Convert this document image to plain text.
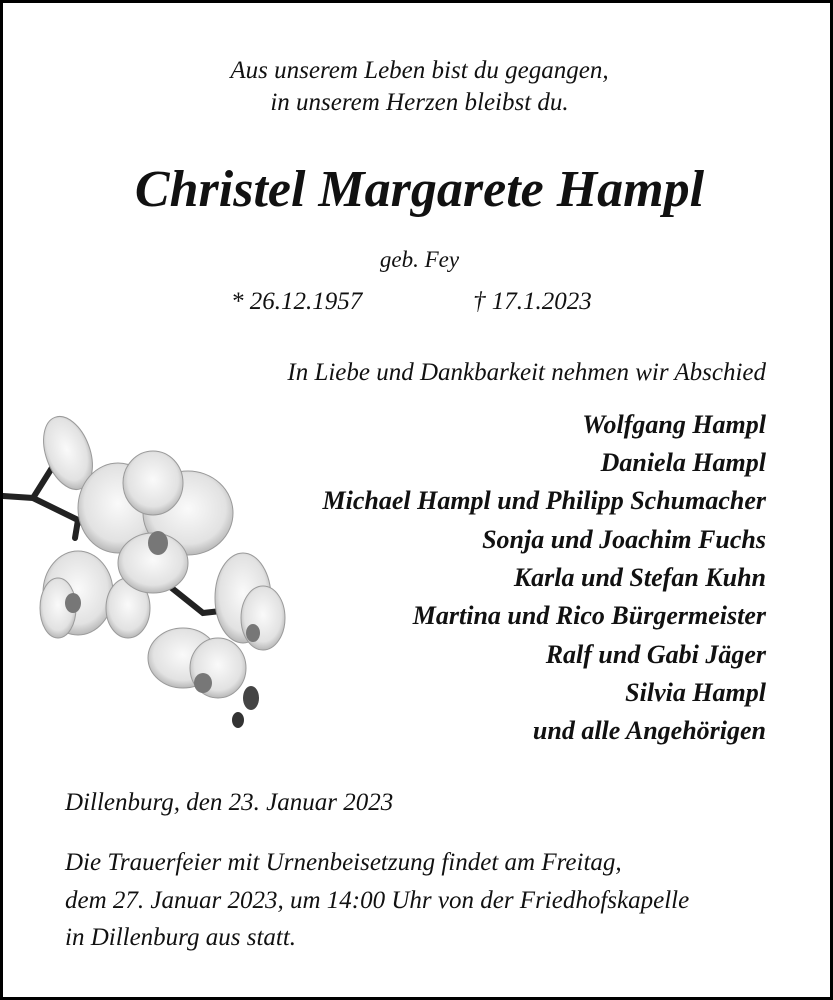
Aus unserem Leben bist du gegangen,
in unserem Herzen bleibst du.
Christel Margarete Hampl
geb. Fey
* 26.12.1957	† 17.1.2023
In Liebe und Dankbarkeit nehmen wir Abschied
Wolfgang Hampl
Daniela Hampl
Michael Hampl und Philipp Schumacher
Sonja und Joachim Fuchs
Karla und Stefan Kuhn
Martina und Rico Bürgermeister
Ralf und Gabi Jäger
Silvia Hampl
und alle Angehörigen
Dillenburg, den 23. Januar 2023
Die Trauerfeier mit Urnenbeisetzung findet am Freitag,
dem 27. Januar 2023, um 14:00 Uhr von der Friedhofskapelle
in Dillenburg aus statt.
